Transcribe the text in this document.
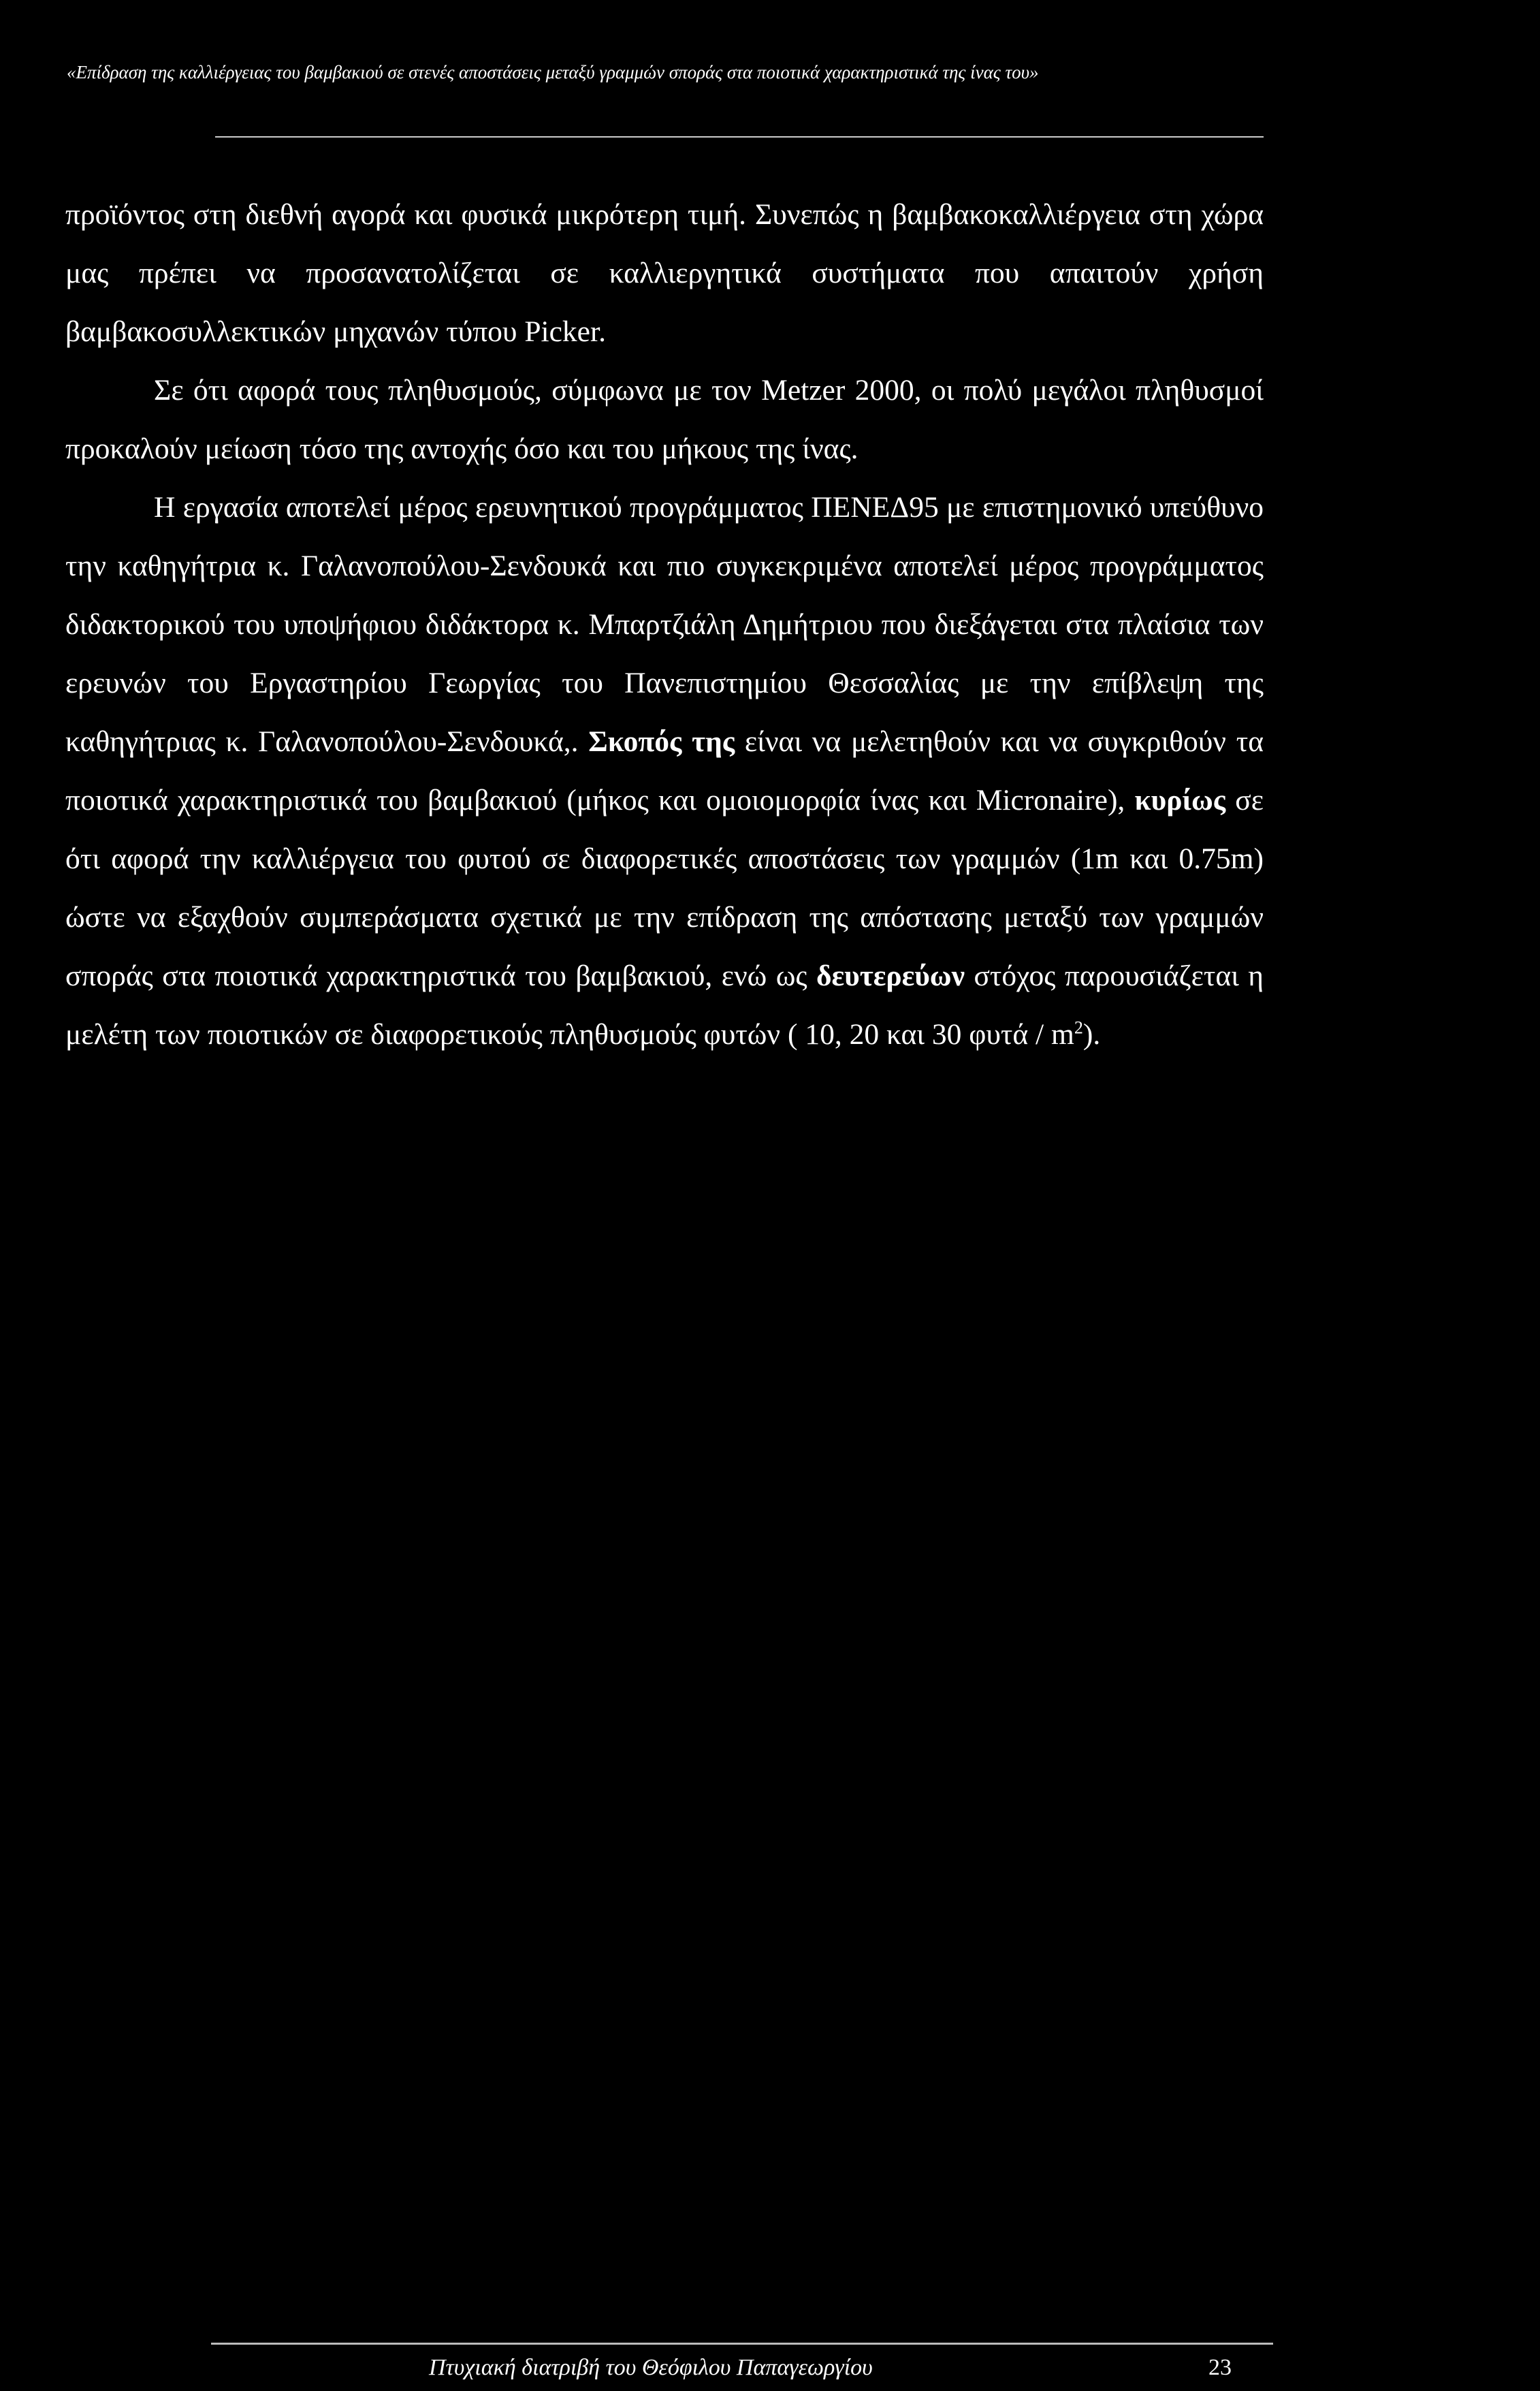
«Επίδραση της καλλιέργειας του βαμβακιού σε στενές αποστάσεις μεταξύ γραμμών σποράς στα ποιοτικά χαρακτηριστικά της ίνας του»

προϊόντος στη διεθνή αγορά και φυσικά μικρότερη τιμή. Συνεπώς η βαμβακοκαλλιέργεια στη χώρα μας πρέπει να προσανατολίζεται σε καλλιεργητικά συστήματα που απαιτούν χρήση βαμβακοσυλλεκτικών μηχανών τύπου Picker.

Σε ότι αφορά τους πληθυσμούς, σύμφωνα με τον Metzer 2000, οι πολύ μεγάλοι πληθυσμοί προκαλούν μείωση τόσο της αντοχής όσο και του μήκους της ίνας.

Η εργασία αποτελεί μέρος ερευνητικού προγράμματος ΠΕΝΕΔ95 με επιστημονικό υπεύθυνο την καθηγήτρια κ. Γαλανοπούλου-Σενδουκά και πιο συγκεκριμένα αποτελεί μέρος προγράμματος διδακτορικού του υποψήφιου διδάκτορα κ. Μπαρτζιάλη Δημήτριου που διεξάγεται στα πλαίσια των ερευνών του Εργαστηρίου Γεωργίας του Πανεπιστημίου Θεσσαλίας με την επίβλεψη της καθηγήτριας κ. Γαλανοπούλου-Σενδουκά,. Σκοπός της είναι να μελετηθούν και να συγκριθούν τα ποιοτικά χαρακτηριστικά του βαμβακιού (μήκος και ομοιομορφία ίνας και Micronaire), κυρίως σε ότι αφορά την καλλιέργεια του φυτού σε διαφορετικές αποστάσεις των γραμμών (1m και 0.75m) ώστε να εξαχθούν συμπεράσματα σχετικά με την επίδραση της απόστασης μεταξύ των γραμμών σποράς στα ποιοτικά χαρακτηριστικά του βαμβακιού, ενώ ως δευτερεύων στόχος παρουσιάζεται η μελέτη των ποιοτικών σε διαφορετικούς πληθυσμούς φυτών ( 10, 20 και 30 φυτά / $m^2$).

Πτυχιακή διατριβή του Θεόφιλου Παπαγεωργίου	23
